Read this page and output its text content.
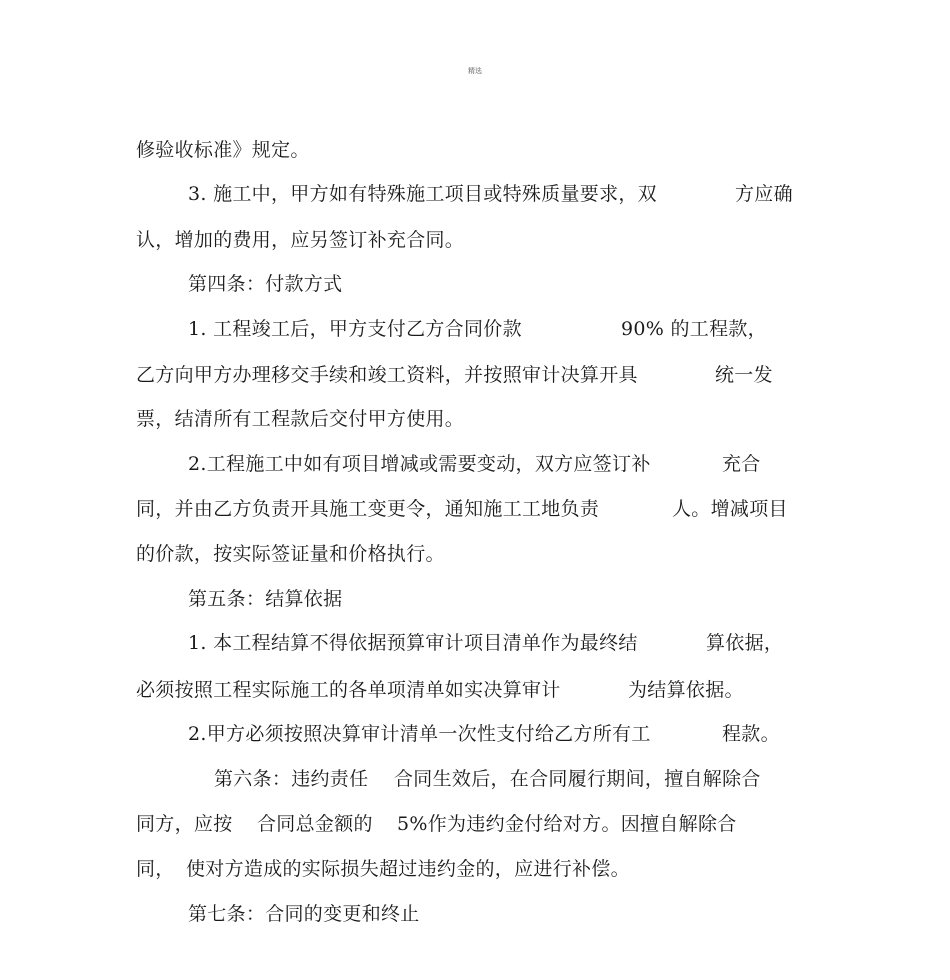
精选
修验收标准》规定。
3. 施工中，甲方如有特殊施工项目或特殊质量要求，双	方应确
认，增加的费用，应另签订补充合同。
第四条：付款方式
1. 工程竣工后，甲方支付乙方合同价款	90% 的工程款，
乙方向甲方办理移交手续和竣工资料，并按照审计决算开具	统一发
票，结清所有工程款后交付甲方使用。
2.工程施工中如有项目增减或需要变动，双方应签订补	充合
同，并由乙方负责开具施工变更令，通知施工工地负责	人。增减项目
的价款，按实际签证量和价格执行。
第五条：结算依据
1. 本工程结算不得依据预算审计项目清单作为最终结	算依据，
必须按照工程实际施工的各单项清单如实决算审计	为结算依据。
2.甲方必须按照决算审计清单一次性支付给乙方所有工	程款。
第六条：违约责任 合同生效后，在合同履行期间，擅自解除合
同方，应按 合同总金额的 5%作为违约金付给对方。因擅自解除合
同， 使对方造成的实际损失超过违约金的，应进行补偿。
第七条：合同的变更和终止
